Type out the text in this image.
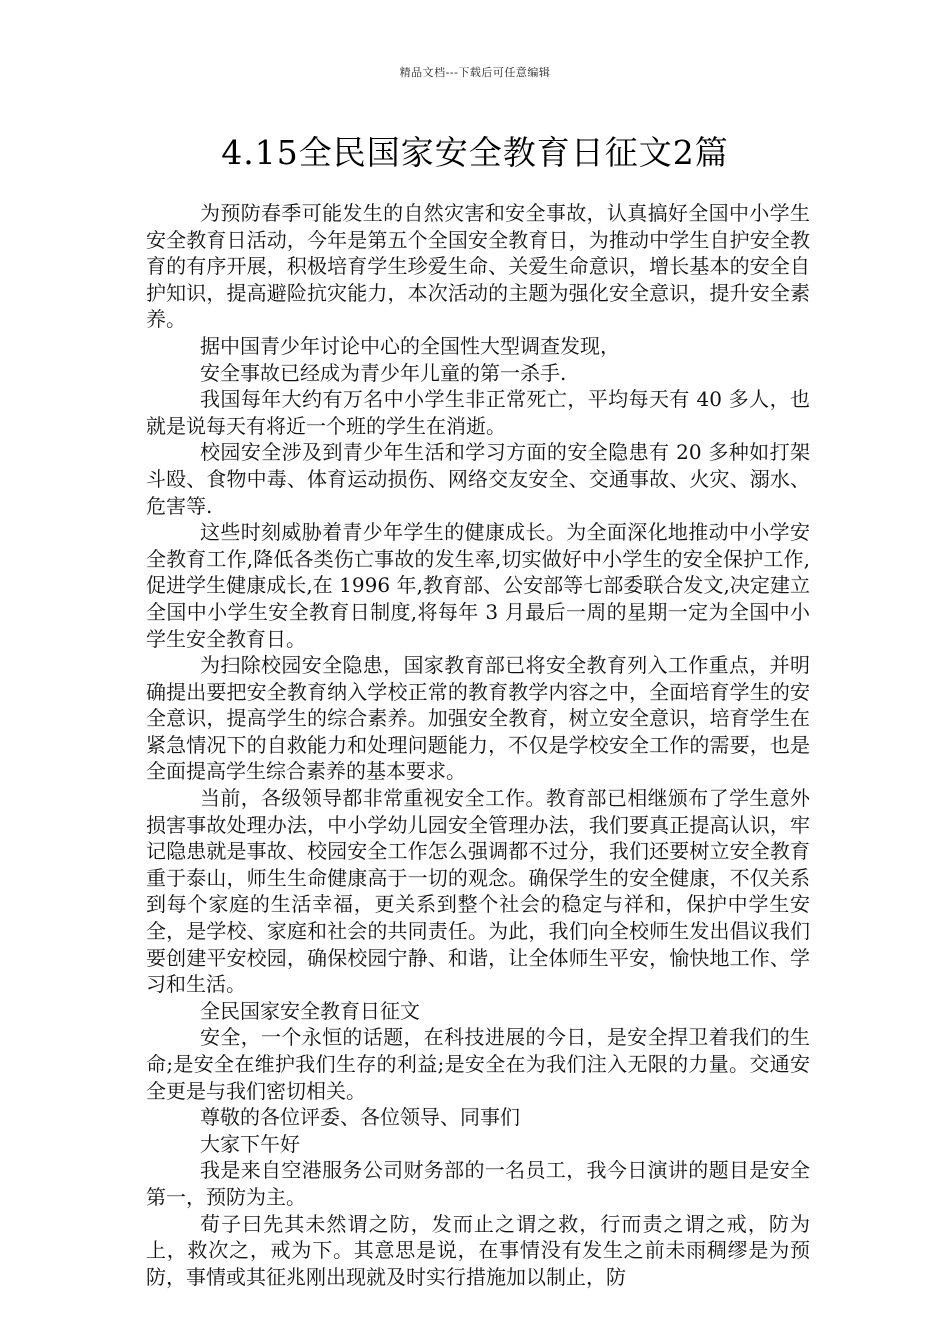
精品文档---下载后可任意编辑
4.15全民国家安全教育日征文2篇

为预防春季可能发生的自然灾害和安全事故，认真搞好全国中小学生安全教育日活动，今年是第五个全国安全教育日，为推动中学生自护安全教育的有序开展，积极培育学生珍爱生命、关爱生命意识，增长基本的安全自护知识，提高避险抗灾能力，本次活动的主题为强化安全意识，提升安全素养。

据中国青少年讨论中心的全国性大型调查发现，

安全事故已经成为青少年儿童的第一杀手.

我国每年大约有万名中小学生非正常死亡，平均每天有 40 多人，也就是说每天有将近一个班的学生在消逝。

校园安全涉及到青少年生活和学习方面的安全隐患有 20 多种如打架斗殴、食物中毒、体育运动损伤、网络交友安全、交通事故、火灾、溺水、危害等.

这些时刻威胁着青少年学生的健康成长。为全面深化地推动中小学安全教育工作,降低各类伤亡事故的发生率,切实做好中小学生的安全保护工作,促进学生健康成长,在 1996 年,教育部、公安部等七部委联合发文,决定建立全国中小学生安全教育日制度,将每年 3 月最后一周的星期一定为全国中小学生安全教育日。

为扫除校园安全隐患，国家教育部已将安全教育列入工作重点，并明确提出要把安全教育纳入学校正常的教育教学内容之中，全面培育学生的安全意识，提高学生的综合素养。加强安全教育，树立安全意识，培育学生在紧急情况下的自救能力和处理问题能力，不仅是学校安全工作的需要，也是全面提高学生综合素养的基本要求。

当前，各级领导都非常重视安全工作。教育部已相继颁布了学生意外损害事故处理办法，中小学幼儿园安全管理办法，我们要真正提高认识，牢记隐患就是事故、校园安全工作怎么强调都不过分，我们还要树立安全教育重于泰山，师生生命健康高于一切的观念。确保学生的安全健康，不仅关系到每个家庭的生活幸福，更关系到整个社会的稳定与祥和，保护中学生安全，是学校、家庭和社会的共同责任。为此，我们向全校师生发出倡议我们要创建平安校园，确保校园宁静、和谐，让全体师生平安，愉快地工作、学习和生活。

全民国家安全教育日征文

安全，一个永恒的话题，在科技进展的今日，是安全捍卫着我们的生命;是安全在维护我们生存的利益;是安全在为我们注入无限的力量。交通安全更是与我们密切相关。

尊敬的各位评委、各位领导、同事们

大家下午好

我是来自空港服务公司财务部的一名员工，我今日演讲的题目是安全第一，预防为主。

荀子曰先其未然谓之防，发而止之谓之救，行而责之谓之戒，防为上，救次之，戒为下。其意思是说，在事情没有发生之前未雨稠缪是为预防，事情或其征兆刚出现就及时实行措施加以制止，防
